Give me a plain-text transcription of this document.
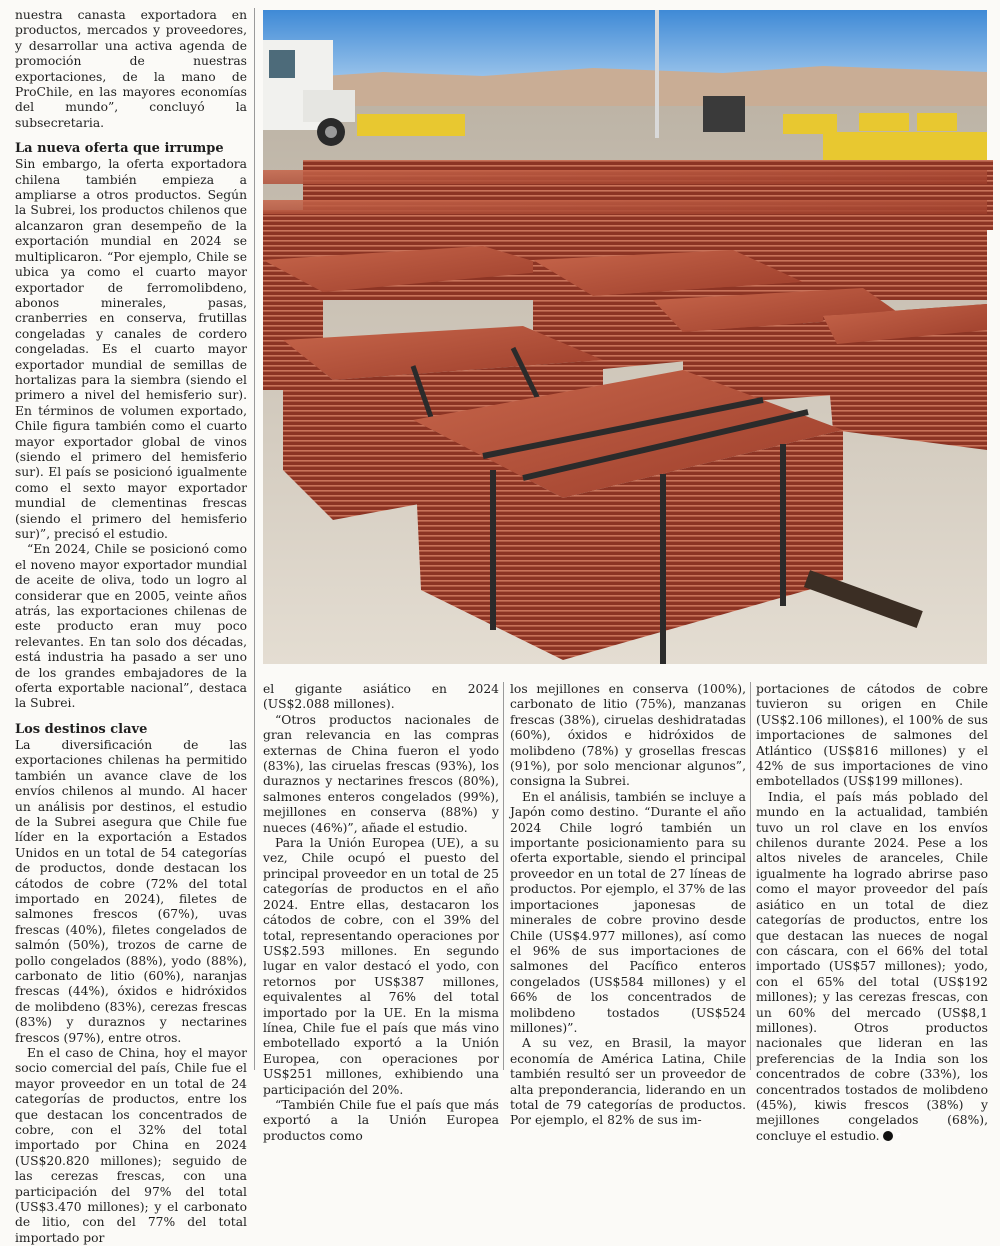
nuestra canasta exportadora en productos, mercados y proveedores, y desarrollar una activa agenda de promoción de nuestras exportaciones, de la mano de ProChile, en las mayores economías del mundo”, concluyó la subsecretaria.

La nueva oferta que irrumpe

Sin embargo, la oferta exportadora chilena también empieza a ampliarse a otros productos. Según la Subrei, los productos chilenos que alcanzaron gran desempeño de la exportación mundial en 2024 se multiplicaron. “Por ejemplo, Chile se ubica ya como el cuarto mayor exportador de ferromolibdeno, abonos minerales, pasas, cranberries en conserva, frutillas congeladas y canales de cordero congeladas. Es el cuarto mayor exportador mundial de semillas de hortalizas para la siembra (siendo el primero a nivel del hemisferio sur). En términos de volumen exportado, Chile figura también como el cuarto mayor exportador global de vinos (siendo el primero del hemisferio sur). El país se posicionó igualmente como el sexto mayor exportador mundial de clementinas frescas (siendo el primero del hemisferio sur)”, precisó el estudio.

“En 2024, Chile se posicionó como el noveno mayor exportador mundial de aceite de oliva, todo un logro al considerar que en 2005, veinte años atrás, las exportaciones chilenas de este producto eran muy poco relevantes. En tan solo dos décadas, está industria ha pasado a ser uno de los grandes embajadores de la oferta exportable nacional”, destaca la Subrei.

Los destinos clave

La diversificación de las exportaciones chilenas ha permitido también un avance clave de los envíos chilenos al mundo. Al hacer un análisis por destinos, el estudio de la Subrei asegura que Chile fue líder en la exportación a Estados Unidos en un total de 54 categorías de productos, donde destacan los cátodos de cobre (72% del total importado en 2024), filetes de salmones frescos (67%), uvas frescas (40%), filetes congelados de salmón (50%), trozos de carne de pollo congelados (88%), yodo (88%), carbonato de litio (60%), naranjas frescas (44%), óxidos e hidróxidos de molibdeno (83%), cerezas frescas (83%) y duraznos y nectarines frescos (97%), entre otros.

En el caso de China, hoy el mayor socio comercial del país, Chile fue el mayor proveedor en un total de 24 categorías de productos, entre los que destacan los concentrados de cobre, con el 32% del total importado por China en 2024 (US$20.820 millones); seguido de las cerezas frescas, con una participación del 97% del total (US$3.470 millones); y el carbonato de litio, con del 77% del total importado por

el gigante asiático en 2024 (US$2.088 millones).

“Otros productos nacionales de gran relevancia en las compras externas de China fueron el yodo (83%), las ciruelas frescas (93%), los duraznos y nectarines frescos (80%), salmones enteros congelados (99%), mejillones en conserva (88%) y nueces (46%)”, añade el estudio.

Para la Unión Europea (UE), a su vez, Chile ocupó el puesto del principal proveedor en un total de 25 categorías de productos en el año 2024. Entre ellas, destacaron los cátodos de cobre, con el 39% del total, representando operaciones por US$2.593 millones. En segundo lugar en valor destacó el yodo, con retornos por US$387 millones, equivalentes al 76% del total importado por la UE. En la misma línea, Chile fue el país que más vino embotellado exportó a la Unión Europea, con operaciones por US$251 millones, exhibiendo una participación del 20%.

“También Chile fue el país que más exportó a la Unión Europea productos como

los mejillones en conserva (100%), carbonato de litio (75%), manzanas frescas (38%), ciruelas deshidratadas (60%), óxidos e hidróxidos de molibdeno (78%) y grosellas frescas (91%), por solo mencionar algunos”, consigna la Subrei.

En el análisis, también se incluye a Japón como destino. “Durante el año 2024 Chile logró también un importante posicionamiento para su oferta exportable, siendo el principal proveedor en un total de 27 líneas de productos. Por ejemplo, el 37% de las importaciones japonesas de minerales de cobre provino desde Chile (US$4.977 millones), así como el 96% de sus importaciones de salmones del Pacífico enteros congelados (US$584 millones) y el 66% de los concentrados de molibdeno tostados (US$524 millones)”.

A su vez, en Brasil, la mayor economía de América Latina, Chile también resultó ser un proveedor de alta preponderancia, liderando en un total de 79 categorías de productos. Por ejemplo, el 82% de sus im-

portaciones de cátodos de cobre tuvieron su origen en Chile (US$2.106 millones), el 100% de sus importaciones de salmones del Atlántico (US$816 millones) y el 42% de sus importaciones de vino embotellados (US$199 millones).

India, el país más poblado del mundo en la actualidad, también tuvo un rol clave en los envíos chilenos durante 2024. Pese a los altos niveles de aranceles, Chile igualmente ha logrado abrirse paso como el mayor proveedor del país asiático en un total de diez categorías de productos, entre los que destacan las nueces de nogal con cáscara, con el 66% del total importado (US$57 millones); yodo, con el 65% del total (US$192 millones); y las cerezas frescas, con un 60% del mercado (US$8,1 millones). Otros productos nacionales que lideran en las preferencias de la India son los concentrados de cobre (33%), los concentrados tostados de molibdeno (45%), kiwis frescos (38%) y mejillones congelados (68%), concluye el estudio. P
